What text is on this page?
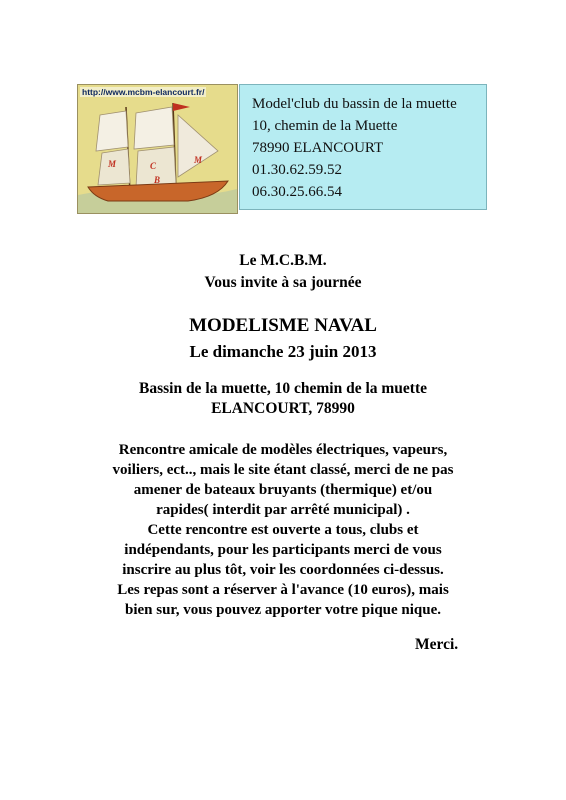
http://www.mcbm-elancourt.fr/
M	C
B
M
Model'club du bassin de la muette
10, chemin de la Muette
78990 ELANCOURT
01.30.62.59.52
06.30.25.66.54
Le M.C.B.M.
Vous invite à sa journée
MODELISME NAVAL
Le dimanche 23 juin 2013
Bassin de la muette, 10 chemin de la muette
ELANCOURT, 78990
Rencontre amicale de modèles électriques, vapeurs,
voiliers, ect.., mais le site étant classé, merci de ne pas
amener de bateaux bruyants (thermique) et/ou
rapides( interdit par arrêté municipal) .
Cette rencontre est ouverte a tous, clubs et
indépendants, pour les participants merci de vous
inscrire au plus tôt, voir les coordonnées ci-dessus.
Les repas sont a réserver à l'avance (10 euros), mais
bien sur, vous pouvez apporter votre pique nique.
Merci.
